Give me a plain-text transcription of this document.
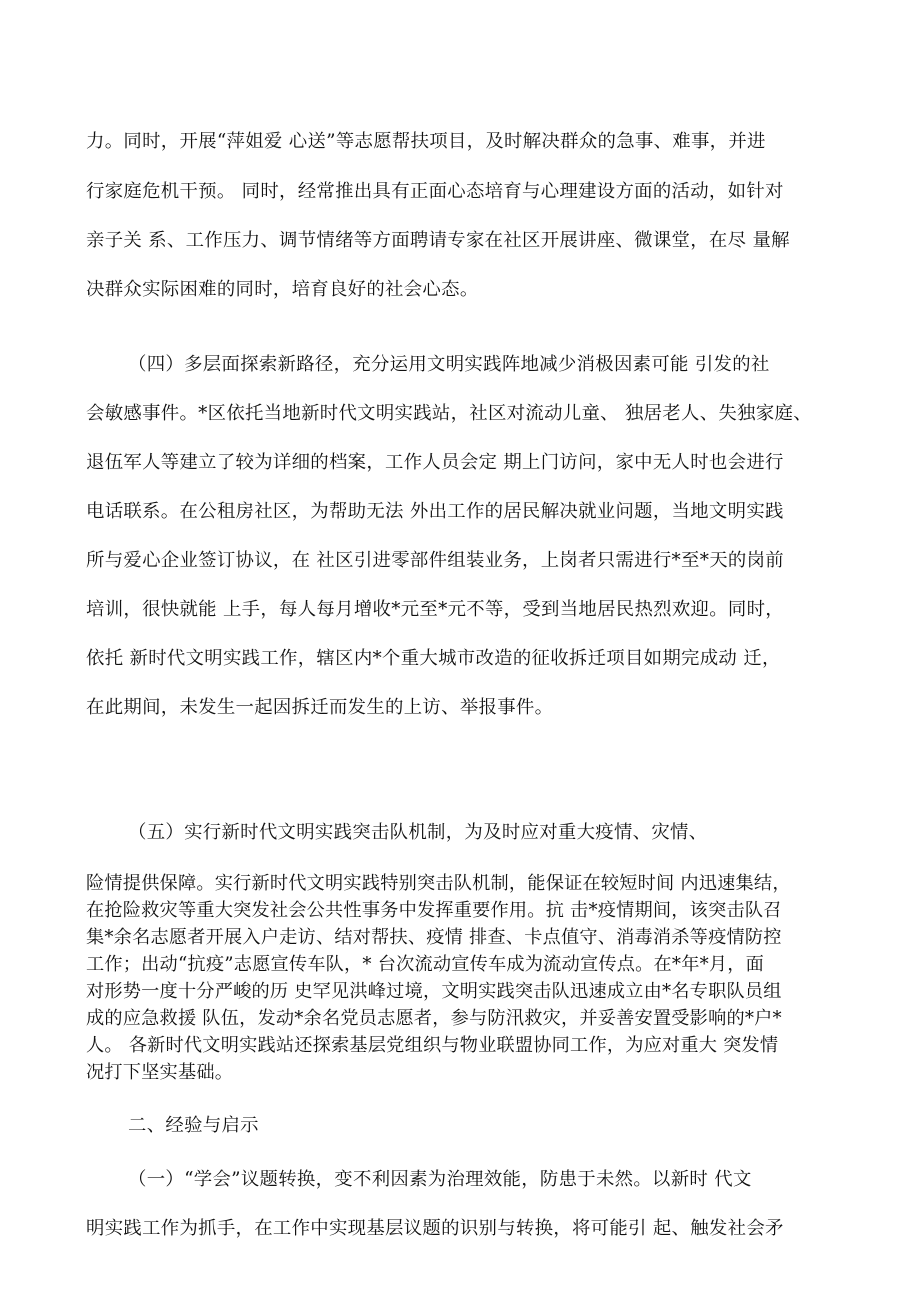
力。同时，开展“萍姐爱 心送”等志愿帮扶项目，及时解决群众的急事、难事，并进

行家庭危机干预。 同时，经常推出具有正面心态培育与心理建设方面的活动，如针对

亲子关 系、工作压力、调节情绪等方面聘请专家在社区开展讲座、微课堂，在尽 量解

决群众实际困难的同时，培育良好的社会心态。

（四）多层面探索新路径，充分运用文明实践阵地减少消极因素可能 引发的社

会敏感事件。*区依托当地新时代文明实践站，社区对流动儿童、 独居老人、失独家庭、

退伍军人等建立了较为详细的档案，工作人员会定 期上门访问，家中无人时也会进行

电话联系。在公租房社区，为帮助无法 外出工作的居民解决就业问题，当地文明实践

所与爱心企业签订协议，在 社区引进零部件组装业务，上岗者只需进行*至*天的岗前

培训，很快就能 上手，每人每月增收*元至*元不等，受到当地居民热烈欢迎。同时，

依托 新时代文明实践工作，辖区内*个重大城市改造的征收拆迁项目如期完成动 迁，

在此期间，未发生一起因拆迁而发生的上访、举报事件。

（五）实行新时代文明实践突击队机制，为及时应对重大疫情、灾情、

险情提供保障。实行新时代文明实践特别突击队机制，能保证在较短时间 内迅速集结，

在抢险救灾等重大突发社会公共性事务中发挥重要作用。抗 击*疫情期间，该突击队召

集*余名志愿者开展入户走访、结对帮扶、疫情 排查、卡点值守、消毒消杀等疫情防控

工作；出动“抗疫”志愿宣传车队，* 台次流动宣传车成为流动宣传点。在*年*月，面

对形势一度十分严峻的历 史罕见洪峰过境，文明实践突击队迅速成立由*名专职队员组

成的应急救援 队伍，发动*余名党员志愿者，参与防汛救灾，并妥善安置受影响的*户*

人。 各新时代文明实践站还探索基层党组织与物业联盟协同工作，为应对重大 突发情

况打下坚实基础。

二、经验与启示

（一）“学会”议题转换，变不利因素为治理效能，防患于未然。以新时 代文

明实践工作为抓手，在工作中实现基层议题的识别与转换，将可能引 起、触发社会矛
